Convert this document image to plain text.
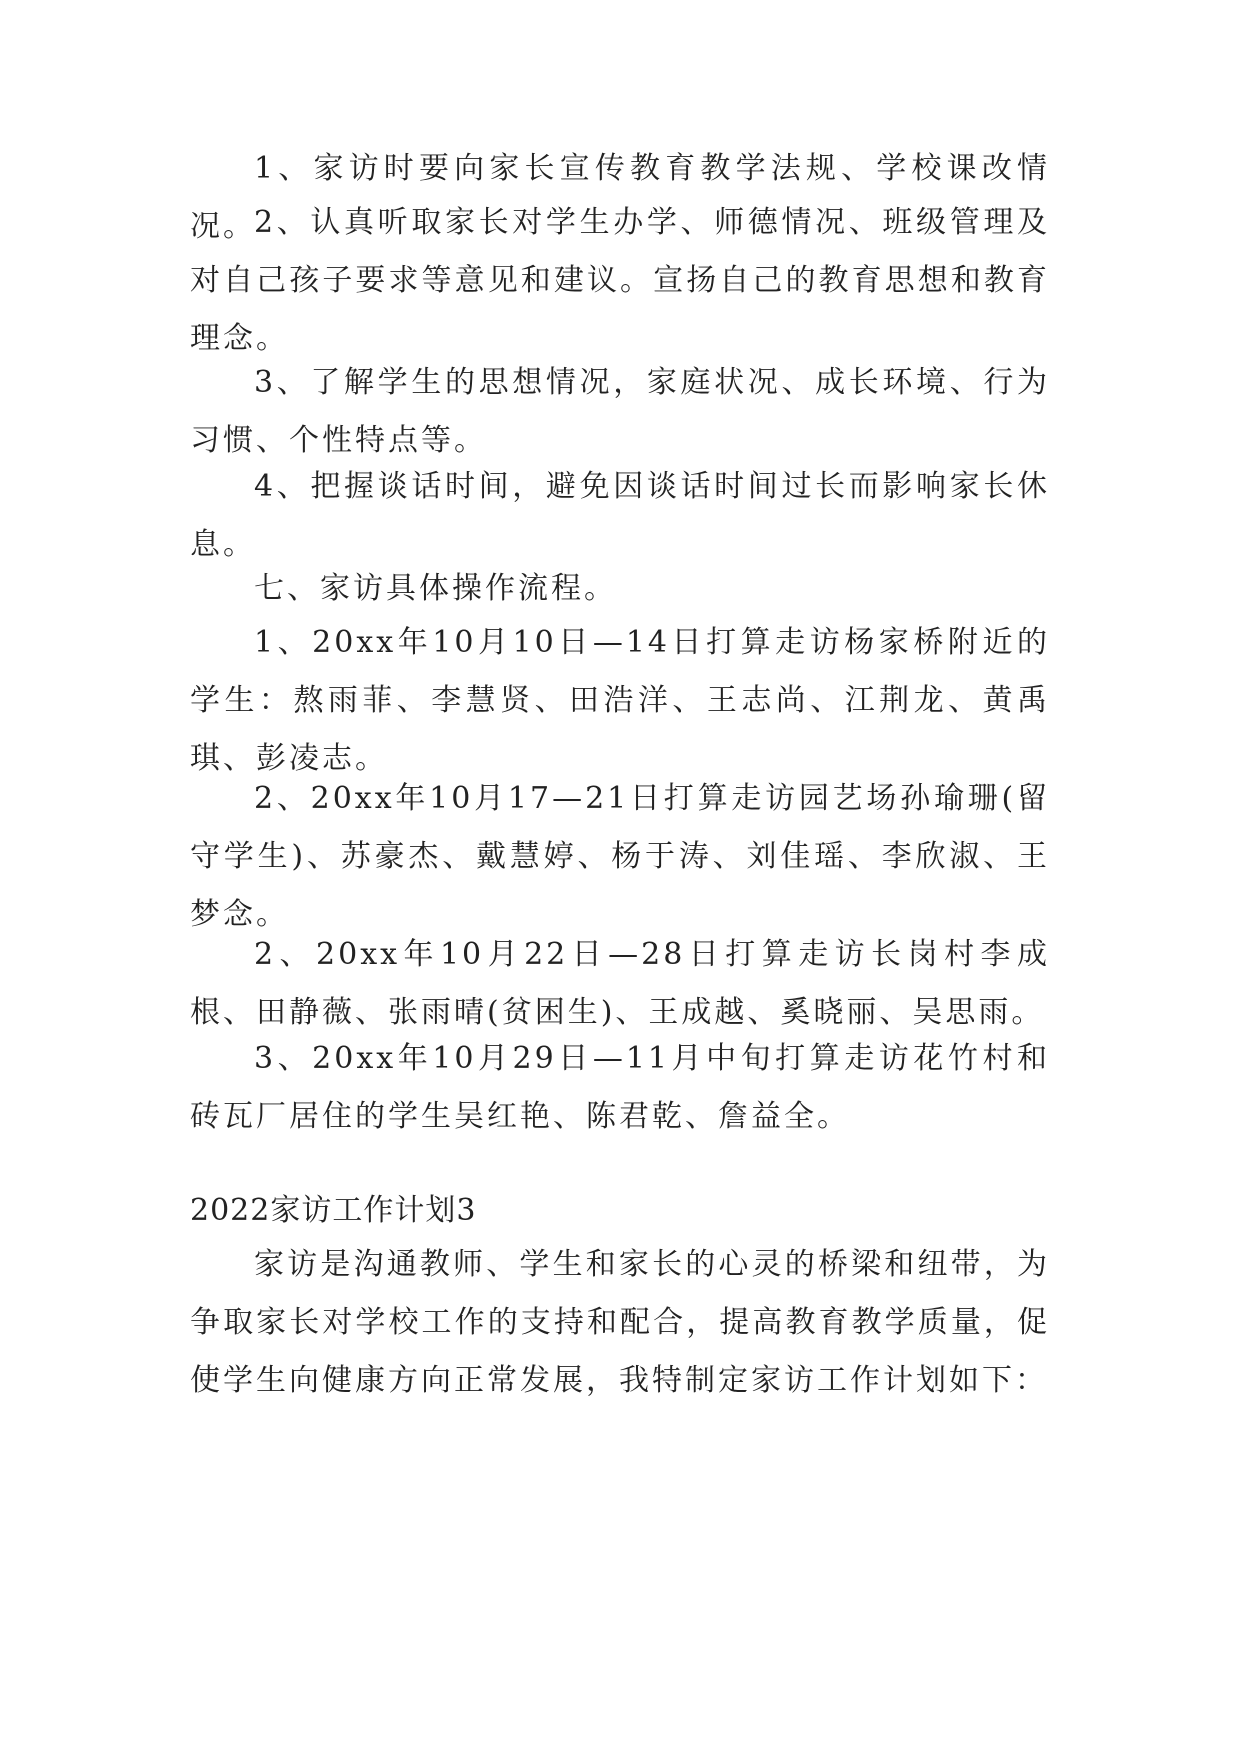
1、家访时要向家长宣传教育教学法规、学校课改情况。

2、认真听取家长对学生办学、师德情况、班级管理及对自己孩子要求等意见和建议。宣扬自己的教育思想和教育理念。

3、了解学生的思想情况，家庭状况、成长环境、行为习惯、个性特点等。

4、把握谈话时间，避免因谈话时间过长而影响家长休息。

七、家访具体操作流程。

1、20xx年10月10日—14日打算走访杨家桥附近的学生：熬雨菲、李慧贤、田浩洋、王志尚、江荆龙、黄禹琪、彭凌志。

2、20xx年10月17—21日打算走访园艺场孙瑜珊(留守学生)、苏豪杰、戴慧婷、杨于涛、刘佳瑶、李欣淑、王梦念。

2、20xx年10月22日—28日打算走访长岗村李成根、田静薇、张雨晴(贫困生)、王成越、奚晓丽、吴思雨。

3、20xx年10月29日—11月中旬打算走访花竹村和砖瓦厂居住的学生吴红艳、陈君乾、詹益全。

2022家访工作计划3

家访是沟通教师、学生和家长的心灵的桥梁和纽带，为争取家长对学校工作的支持和配合，提高教育教学质量，促使学生向健康方向正常发展，我特制定家访工作计划如下：
